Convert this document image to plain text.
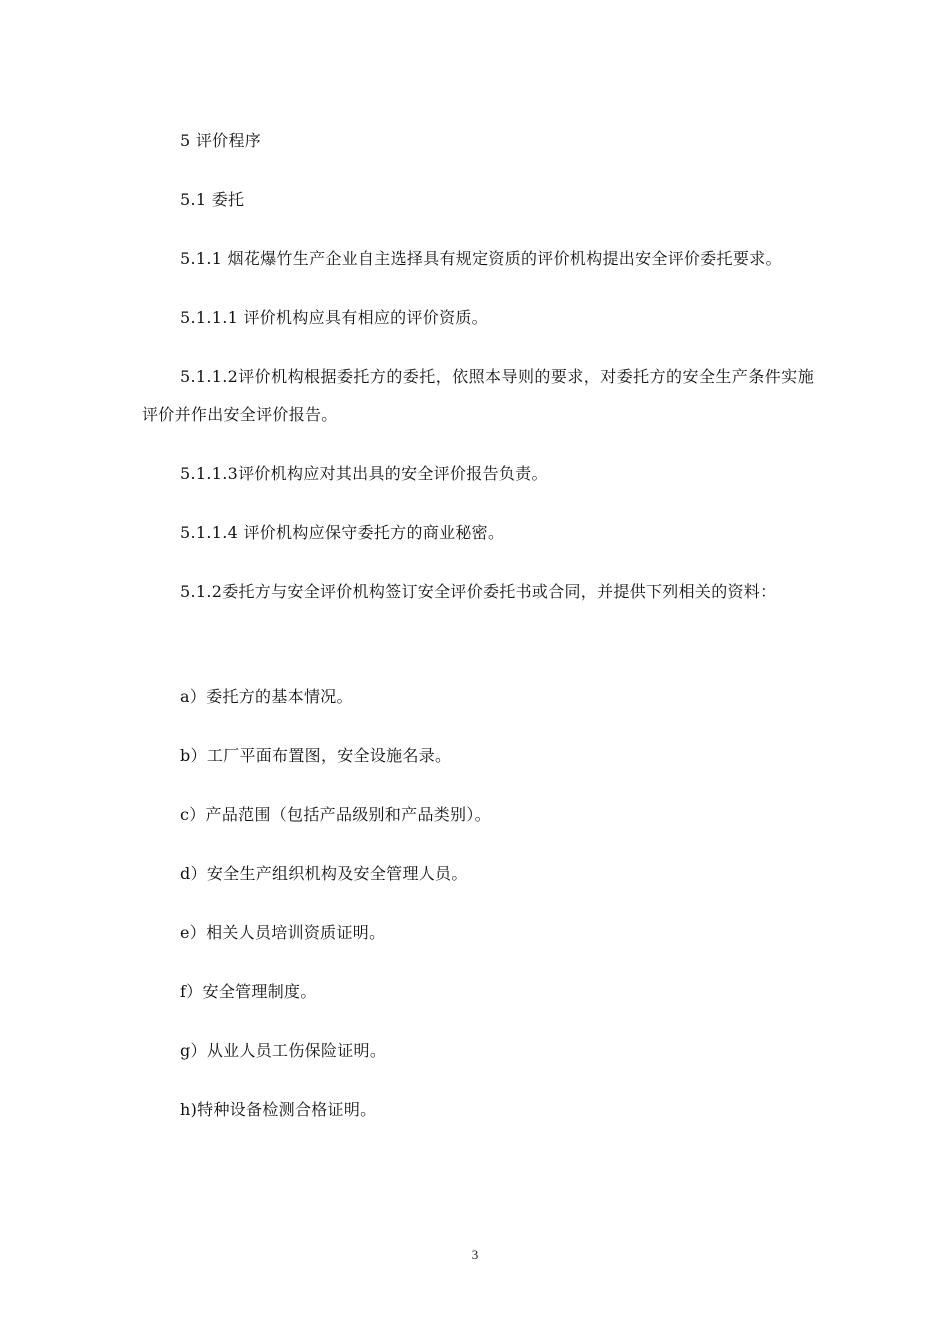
5 评价程序

5.1 委托

5.1.1 烟花爆竹生产企业自主选择具有规定资质的评价机构提出安全评价委托要求。

5.1.1.1 评价机构应具有相应的评价资质。

5.1.1.2评价机构根据委托方的委托，依照本导则的要求，对委托方的安全生产条件实施评价并作出安全评价报告。

5.1.1.3评价机构应对其出具的安全评价报告负责。

5.1.1.4 评价机构应保守委托方的商业秘密。

5.1.2委托方与安全评价机构签订安全评价委托书或合同，并提供下列相关的资料：

a）委托方的基本情况。

b）工厂平面布置图，安全设施名录。

c）产品范围（包括产品级别和产品类别）。

d）安全生产组织机构及安全管理人员。

e）相关人员培训资质证明。

f）安全管理制度。

g）从业人员工伤保险证明。

h)特种设备检测合格证明。

3
